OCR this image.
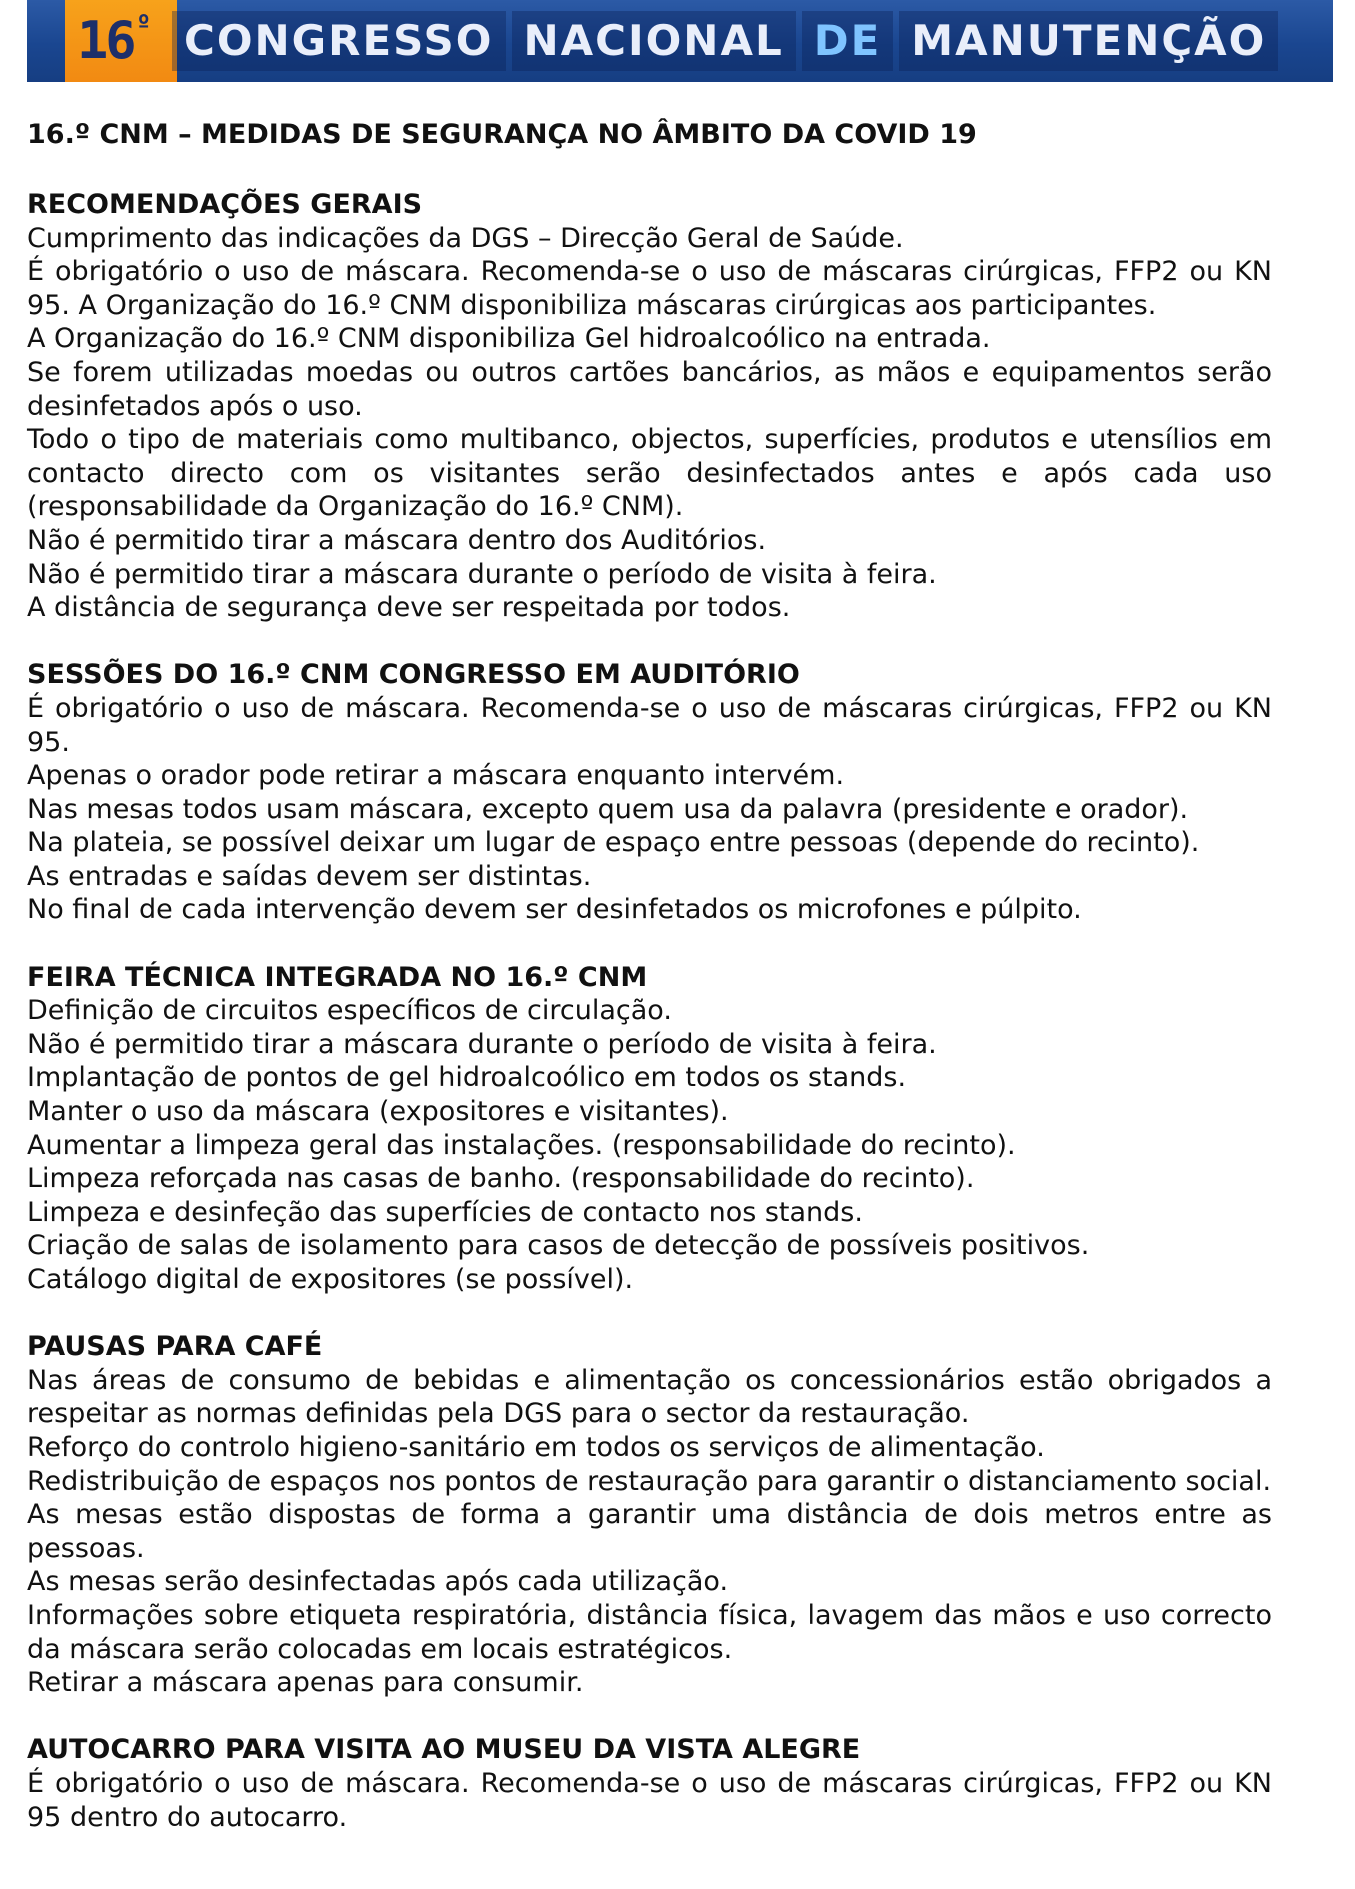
$16^º$ CONGRESSO NACIONAL DE MANUTENÇÃO
16.º CNM – MEDIDAS DE SEGURANÇA NO ÂMBITO DA COVID 19
RECOMENDAÇÕES GERAIS

Cumprimento das indicações da DGS – Direcção Geral de Saúde.

É obrigatório o uso de máscara. Recomenda-se o uso de máscaras cirúrgicas, FFP2 ou KN 95. A Organização do 16.º CNM disponibiliza máscaras cirúrgicas aos participantes.

A Organização do 16.º CNM disponibiliza Gel hidroalcoólico na entrada.

Se forem utilizadas moedas ou outros cartões bancários, as mãos e equipamentos serão desinfetados após o uso.

Todo o tipo de materiais como multibanco, objectos, superfícies, produtos e utensílios em contacto directo com os visitantes serão desinfectados antes e após cada uso (responsabilidade da Organização do 16.º CNM).

Não é permitido tirar a máscara dentro dos Auditórios.

Não é permitido tirar a máscara durante o período de visita à feira.

A distância de segurança deve ser respeitada por todos.

SESSÕES DO 16.º CNM CONGRESSO EM AUDITÓRIO

É obrigatório o uso de máscara. Recomenda-se o uso de máscaras cirúrgicas, FFP2 ou KN 95.

Apenas o orador pode retirar a máscara enquanto intervém.

Nas mesas todos usam máscara, excepto quem usa da palavra (presidente e orador).

Na plateia, se possível deixar um lugar de espaço entre pessoas (depende do recinto).

As entradas e saídas devem ser distintas.

No final de cada intervenção devem ser desinfetados os microfones e púlpito.

FEIRA TÉCNICA INTEGRADA NO 16.º CNM

Definição de circuitos específicos de circulação.

Não é permitido tirar a máscara durante o período de visita à feira.

Implantação de pontos de gel hidroalcoólico em todos os stands.

Manter o uso da máscara (expositores e visitantes).

Aumentar a limpeza geral das instalações. (responsabilidade do recinto).

Limpeza reforçada nas casas de banho. (responsabilidade do recinto).

Limpeza e desinfeção das superfícies de contacto nos stands.

Criação de salas de isolamento para casos de detecção de possíveis positivos.

Catálogo digital de expositores (se possível).

PAUSAS PARA CAFÉ

Nas áreas de consumo de bebidas e alimentação os concessionários estão obrigados a respeitar as normas definidas pela DGS para o sector da restauração.

Reforço do controlo higieno-sanitário em todos os serviços de alimentação.

Redistribuição de espaços nos pontos de restauração para garantir o distanciamento social.

As mesas estão dispostas de forma a garantir uma distância de dois metros entre as pessoas.

As mesas serão desinfectadas após cada utilização.

Informações sobre etiqueta respiratória, distância física, lavagem das mãos e uso correcto da máscara serão colocadas em locais estratégicos.

Retirar a máscara apenas para consumir.

AUTOCARRO PARA VISITA AO MUSEU DA VISTA ALEGRE

É obrigatório o uso de máscara. Recomenda-se o uso de máscaras cirúrgicas, FFP2 ou KN 95 dentro do autocarro.
